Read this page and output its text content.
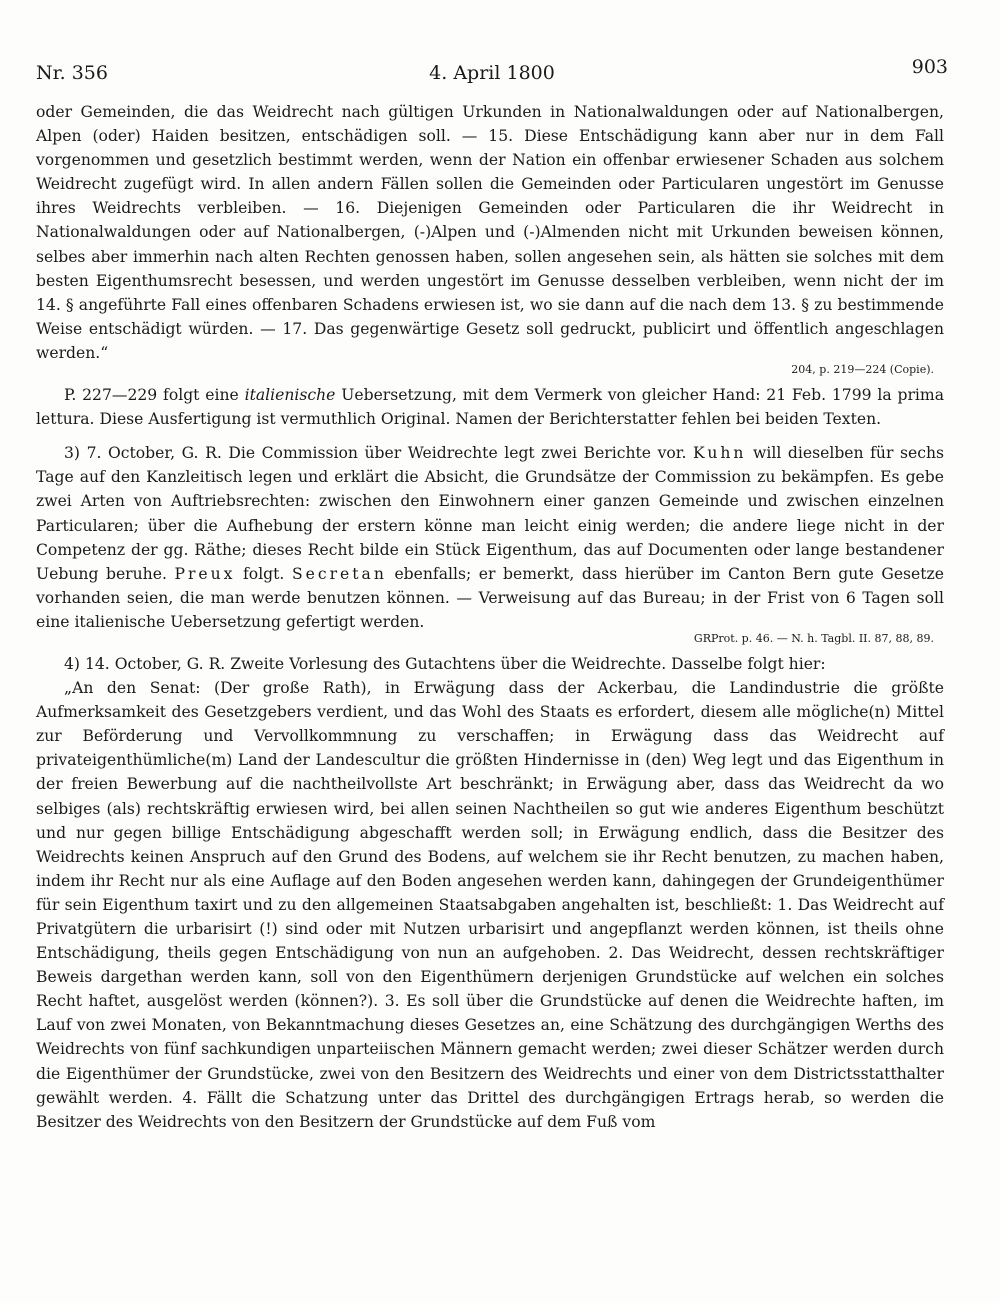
Nr. 356	4. April 1800	903

oder Gemeinden, die das Weidrecht nach gültigen Urkunden in Nationalwaldungen oder auf Nationalbergen, Alpen (oder) Haiden besitzen, entschädigen soll. — 15. Diese Entschädigung kann aber nur in dem Fall vorgenommen und gesetzlich bestimmt werden, wenn der Nation ein offenbar erwiesener Schaden aus solchem Weidrecht zugefügt wird. In allen andern Fällen sollen die Gemeinden oder Particularen ungestört im Genusse ihres Weidrechts verbleiben. — 16. Diejenigen Gemeinden oder Particularen die ihr Weidrecht in Nationalwaldungen oder auf Nationalbergen, (-)Alpen und (-)Almenden nicht mit Urkunden beweisen können, selbes aber immerhin nach alten Rechten genossen haben, sollen angesehen sein, als hätten sie solches mit dem besten Eigenthumsrecht besessen, und werden ungestört im Genusse desselben verbleiben, wenn nicht der im 14. § angeführte Fall eines offenbaren Schadens erwiesen ist, wo sie dann auf die nach dem 13. § zu bestimmende Weise entschädigt würden. — 17. Das gegenwärtige Gesetz soll gedruckt, publicirt und öffentlich angeschlagen werden.“

204, p. 219—224 (Copie).

P. 227—229 folgt eine italienische Uebersetzung, mit dem Vermerk von gleicher Hand: 21 Feb. 1799 la prima lettura. Diese Ausfertigung ist vermuthlich Original. Namen der Berichterstatter fehlen bei beiden Texten.

3) 7. October, G. R. Die Commission über Weidrechte legt zwei Berichte vor. Kuhn will dieselben für sechs Tage auf den Kanzleitisch legen und erklärt die Absicht, die Grundsätze der Commission zu bekämpfen. Es gebe zwei Arten von Auftriebsrechten: zwischen den Einwohnern einer ganzen Gemeinde und zwischen einzelnen Particularen; über die Aufhebung der erstern könne man leicht einig werden; die andere liege nicht in der Competenz der gg. Räthe; dieses Recht bilde ein Stück Eigenthum, das auf Documenten oder lange bestandener Uebung beruhe. Preux folgt. Secretan ebenfalls; er bemerkt, dass hierüber im Canton Bern gute Gesetze vorhanden seien, die man werde benutzen können. — Verweisung auf das Bureau; in der Frist von 6 Tagen soll eine italienische Uebersetzung gefertigt werden.

GRProt. p. 46. — N. h. Tagbl. II. 87, 88, 89.

4) 14. October, G. R. Zweite Vorlesung des Gutachtens über die Weidrechte. Dasselbe folgt hier:

„An den Senat: (Der große Rath), in Erwägung dass der Ackerbau, die Landindustrie die größte Aufmerksamkeit des Gesetzgebers verdient, und das Wohl des Staats es erfordert, diesem alle mögliche(n) Mittel zur Beförderung und Vervollkommnung zu verschaffen; in Erwägung dass das Weidrecht auf privateigenthümliche(m) Land der Landescultur die größten Hindernisse in (den) Weg legt und das Eigenthum in der freien Bewerbung auf die nachtheilvollste Art beschränkt; in Erwägung aber, dass das Weidrecht da wo selbiges (als) rechtskräftig erwiesen wird, bei allen seinen Nachtheilen so gut wie anderes Eigenthum beschützt und nur gegen billige Entschädigung abgeschafft werden soll; in Erwägung endlich, dass die Besitzer des Weidrechts keinen Anspruch auf den Grund des Bodens, auf welchem sie ihr Recht benutzen, zu machen haben, indem ihr Recht nur als eine Auflage auf den Boden angesehen werden kann, dahingegen der Grundeigenthümer für sein Eigenthum taxirt und zu den allgemeinen Staatsabgaben angehalten ist, beschließt: 1. Das Weidrecht auf Privatgütern die urbarisirt (!) sind oder mit Nutzen urbarisirt und angepflanzt werden können, ist theils ohne Entschädigung, theils gegen Entschädigung von nun an aufgehoben. 2. Das Weidrecht, dessen rechtskräftiger Beweis dargethan werden kann, soll von den Eigenthümern derjenigen Grundstücke auf welchen ein solches Recht haftet, ausgelöst werden (können?). 3. Es soll über die Grundstücke auf denen die Weidrechte haften, im Lauf von zwei Monaten, von Bekanntmachung dieses Gesetzes an, eine Schätzung des durchgängigen Werths des Weidrechts von fünf sachkundigen unparteiischen Männern gemacht werden; zwei dieser Schätzer werden durch die Eigenthümer der Grundstücke, zwei von den Besitzern des Weidrechts und einer von dem Districtsstatthalter gewählt werden. 4. Fällt die Schatzung unter das Drittel des durchgängigen Ertrags herab, so werden die Besitzer des Weidrechts von den Besitzern der Grundstücke auf dem Fuß vom
